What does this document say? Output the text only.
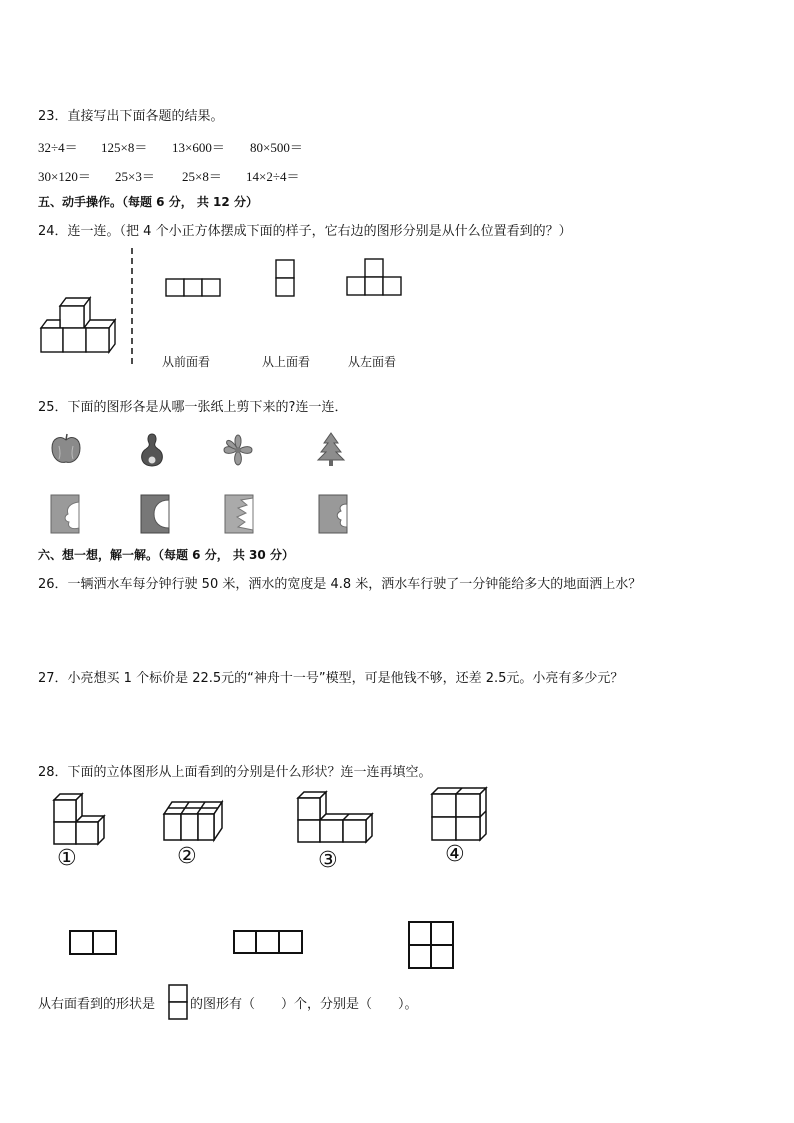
23．直接写出下面各题的结果。
32÷4＝ 125×8＝ 13×600＝ 80×500＝
30×120＝ 25×3＝ 25×8＝ 14×2÷4＝
五、动手操作。（每题 6 分， 共 12 分）
24．连一连。（把 4 个小正方体摆成下面的样子，它右边的图形分别是从什么位置看到的？）
从前面看	从上面看	从左面看
25．下面的图形各是从哪一张纸上剪下来的?连一连．
六、想一想，解一解。（每题 6 分， 共 30 分）
26．一辆洒水车每分钟行驶 50 米，洒水的宽度是 4.8 米，洒水车行驶了一分钟能给多大的地面洒上水？
27．小亮想买 1 个标价是 22.5元的“神舟十一号”模型，可是他钱不够，还差 2.5元。小亮有多少元？
28．下面的立体图形从上面看到的分别是什么形状？连一连再填空。
①	②	③	④
从右面看到的形状是	的图形有（　　）个，分别是（　　）。
